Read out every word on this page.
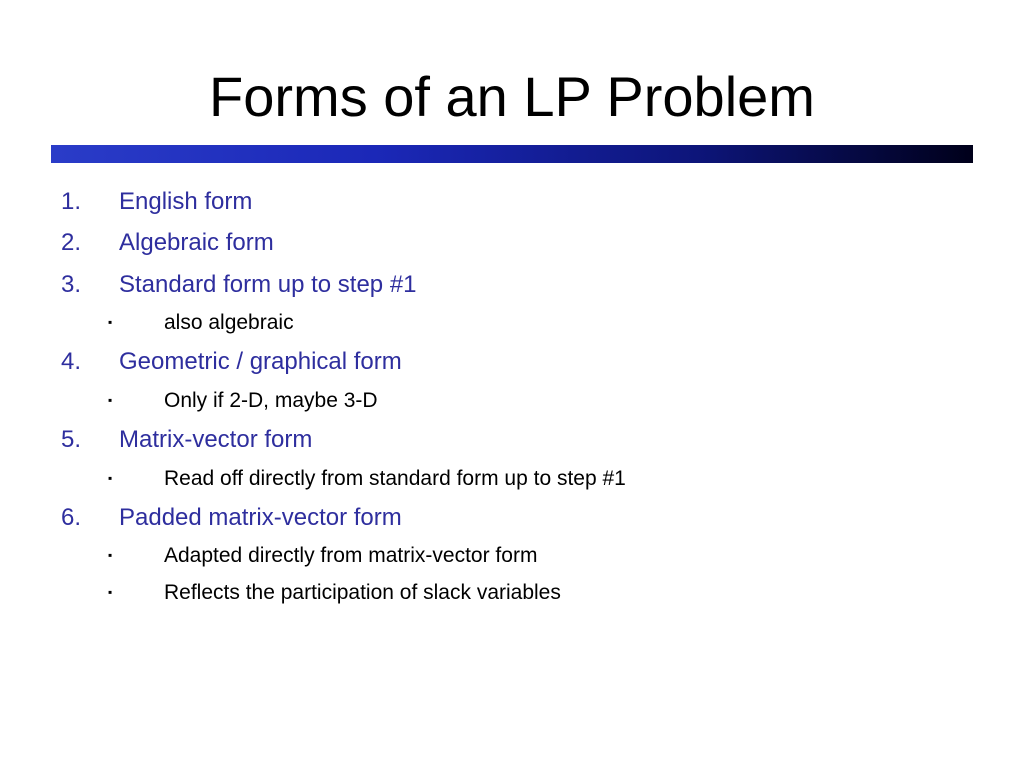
Forms of an LP Problem
1. English form
2. Algebraic form
3. Standard form up to step #1
▪ also algebraic
4. Geometric / graphical form
▪ Only if 2-D, maybe 3-D
5. Matrix-vector form
▪ Read off directly from standard form up to step #1
6. Padded matrix-vector form
▪ Adapted directly from matrix-vector form
▪ Reflects the participation of slack variables
